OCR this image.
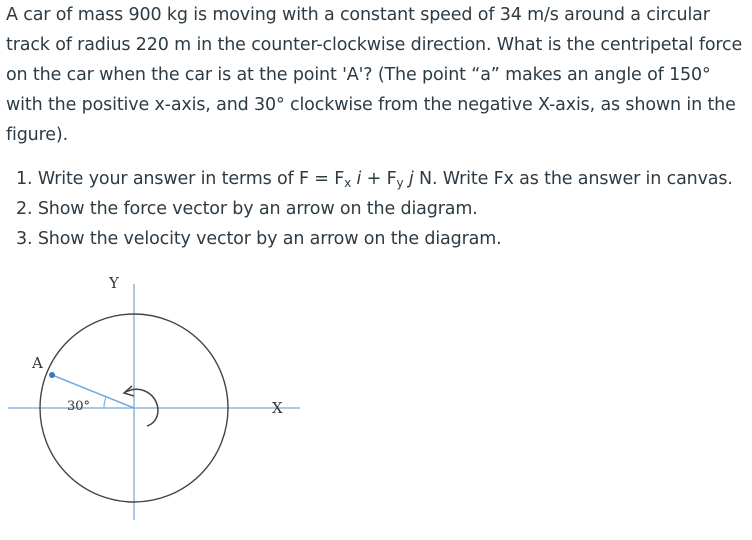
A car of mass 900 kg is moving with a constant speed of 34 m/s around a circular track of radius 220 m in the counter-clockwise direction. What is the centripetal force on the car when the car is at the point 'A'? (The point “a” makes an angle of 150° with the positive x-axis, and 30° clockwise from the negative X-axis, as shown in the figure).

1. Write your answer in terms of $F = F_x$ $i + F_y$ j N. Write Fx as the answer in canvas.
2. Show the force vector by an arrow on the diagram.
3. Show the velocity vector by an arrow on the diagram.
Y
X
A
30°
